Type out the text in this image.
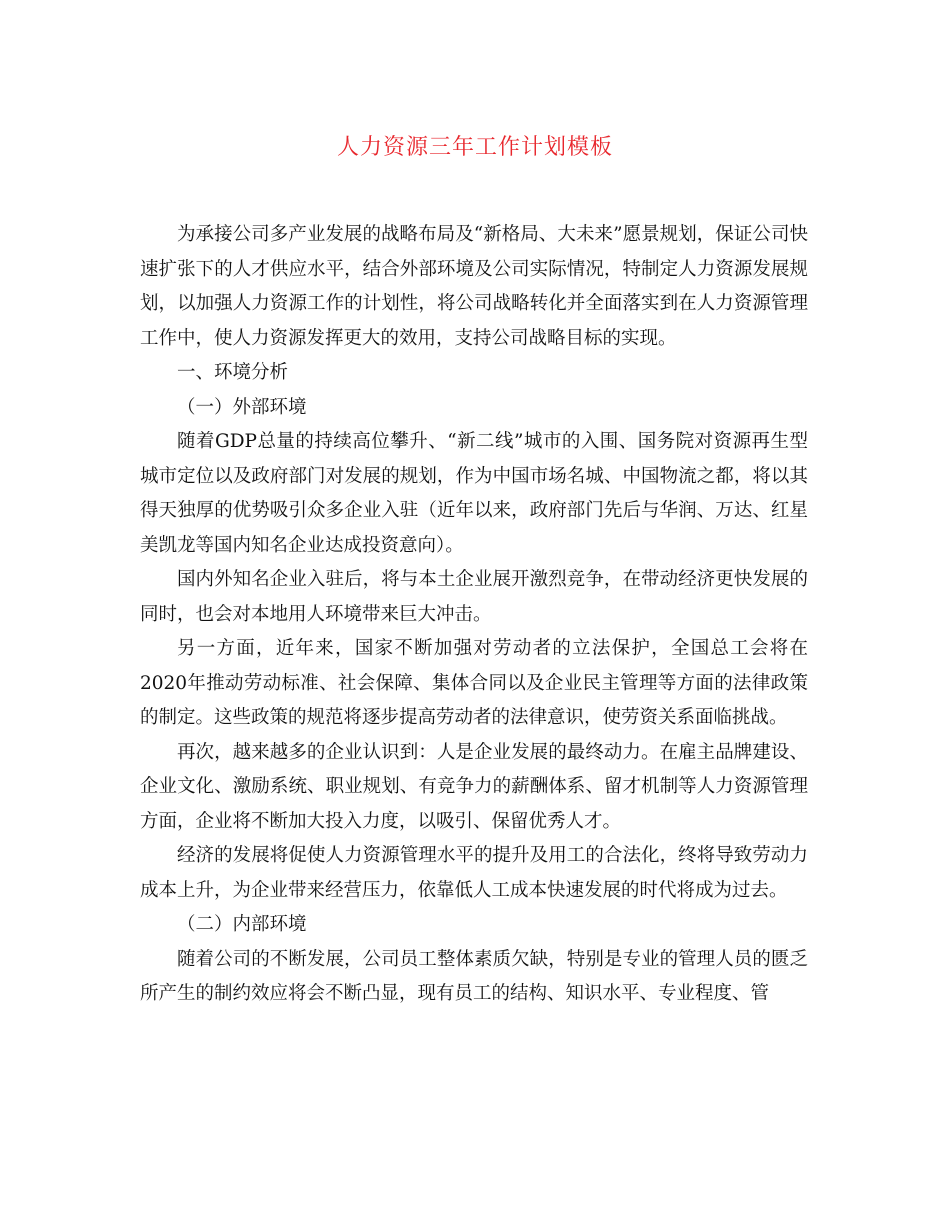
人力资源三年工作计划模板

为承接公司多产业发展的战略布局及“新格局、大未来”愿景规划，保证公司快速扩张下的人才供应水平，结合外部环境及公司实际情况，特制定人力资源发展规划，以加强人力资源工作的计划性，将公司战略转化并全面落实到在人力资源管理工作中，使人力资源发挥更大的效用，支持公司战略目标的实现。

一、环境分析

（一）外部环境

随着GDP总量的持续高位攀升、“新二线”城市的入围、国务院对资源再生型城市定位以及政府部门对发展的规划，作为中国市场名城、中国物流之都，将以其得天独厚的优势吸引众多企业入驻（近年以来，政府部门先后与华润、万达、红星美凯龙等国内知名企业达成投资意向）。

国内外知名企业入驻后，将与本土企业展开激烈竞争，在带动经济更快发展的同时，也会对本地用人环境带来巨大冲击。

另一方面，近年来，国家不断加强对劳动者的立法保护，全国总工会将在2020年推动劳动标准、社会保障、集体合同以及企业民主管理等方面的法律政策的制定。这些政策的规范将逐步提高劳动者的法律意识，使劳资关系面临挑战。

再次，越来越多的企业认识到：人是企业发展的最终动力。在雇主品牌建设、企业文化、激励系统、职业规划、有竞争力的薪酬体系、留才机制等人力资源管理方面，企业将不断加大投入力度，以吸引、保留优秀人才。

经济的发展将促使人力资源管理水平的提升及用工的合法化，终将导致劳动力成本上升，为企业带来经营压力，依靠低人工成本快速发展的时代将成为过去。

（二）内部环境

随着公司的不断发展，公司员工整体素质欠缺，特别是专业的管理人员的匮乏所产生的制约效应将会不断凸显，现有员工的结构、知识水平、专业程度、管
